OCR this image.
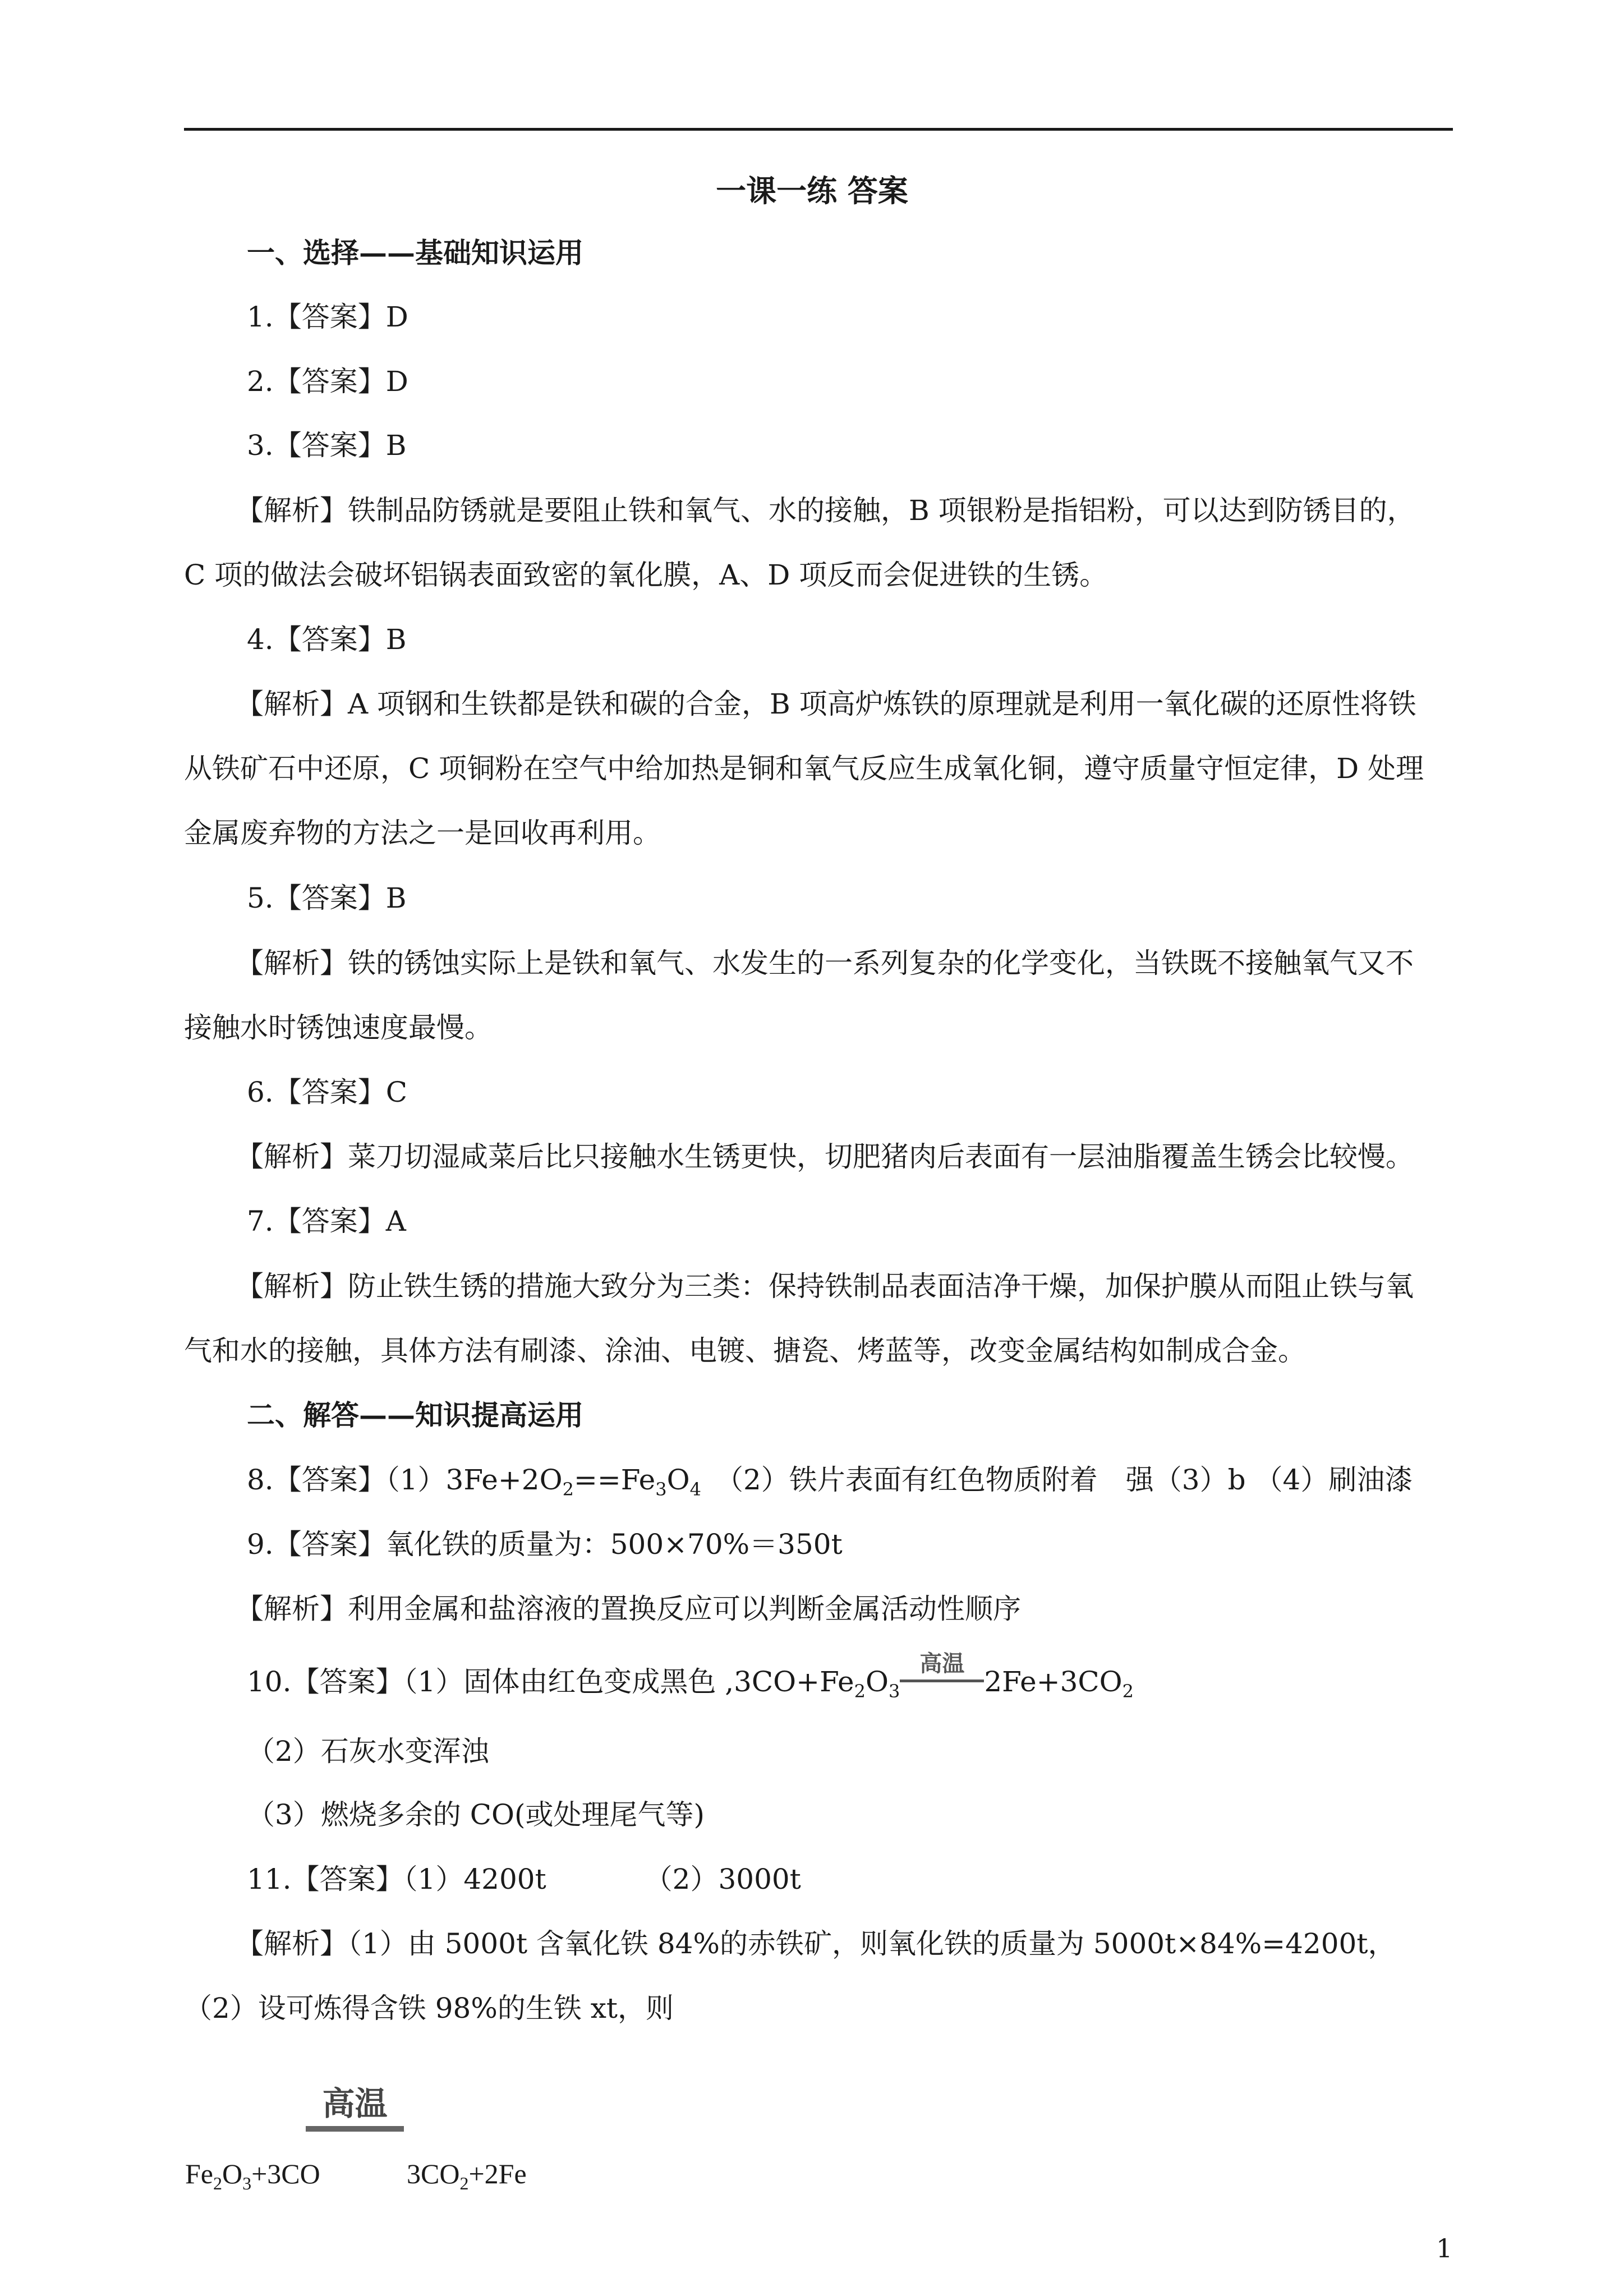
一课一练 答案
一、选择——基础知识运用
1.【答案】D
2.【答案】D
3.【答案】B
【解析】铁制品防锈就是要阻止铁和氧气、水的接触，B 项银粉是指铝粉，可以达到防锈目的，
C 项的做法会破坏铝锅表面致密的氧化膜，A、D 项反而会促进铁的生锈。
4.【答案】B
【解析】A 项钢和生铁都是铁和碳的合金，B 项高炉炼铁的原理就是利用一氧化碳的还原性将铁
从铁矿石中还原，C 项铜粉在空气中给加热是铜和氧气反应生成氧化铜，遵守质量守恒定律，D 处理
金属废弃物的方法之一是回收再利用。
5.【答案】B
【解析】铁的锈蚀实际上是铁和氧气、水发生的一系列复杂的化学变化，当铁既不接触氧气又不
接触水时锈蚀速度最慢。
6.【答案】C
【解析】菜刀切湿咸菜后比只接触水生锈更快，切肥猪肉后表面有一层油脂覆盖生锈会比较慢。
7.【答案】A
【解析】防止铁生锈的措施大致分为三类：保持铁制品表面洁净干燥，加保护膜从而阻止铁与氧
气和水的接触，具体方法有刷漆、涂油、电镀、搪瓷、烤蓝等，改变金属结构如制成合金。
二、解答——知识提高运用
8.【答案】$(1)3Fe+2O_2==Fe_3O_4$　（2）铁片表面有红色物质附着　强（3）b （4）刷油漆
9.【答案】氧化铁的质量为：500×70%＝350t
【解析】利用金属和盐溶液的置换反应可以判断金属活动性顺序
10.【答案】（1）固体由红色变成黑色 $,3CO+Fe_2O_3$
高温
$2Fe+3CO_2$
（2）石灰水变浑浊
（3）燃烧多余的 CO(或处理尾气等)
11.【答案】（1）4200t　　　　（2）3000t
【解析】（1）由 5000t 含氧化铁 84%的赤铁矿，则氧化铁的质量为 5000t×84%=4200t，
（2）设可炼得含铁 98%的生铁 xt，则
高温
$Fe_2O_3+3CO$	$3CO_2+2Fe$
1
